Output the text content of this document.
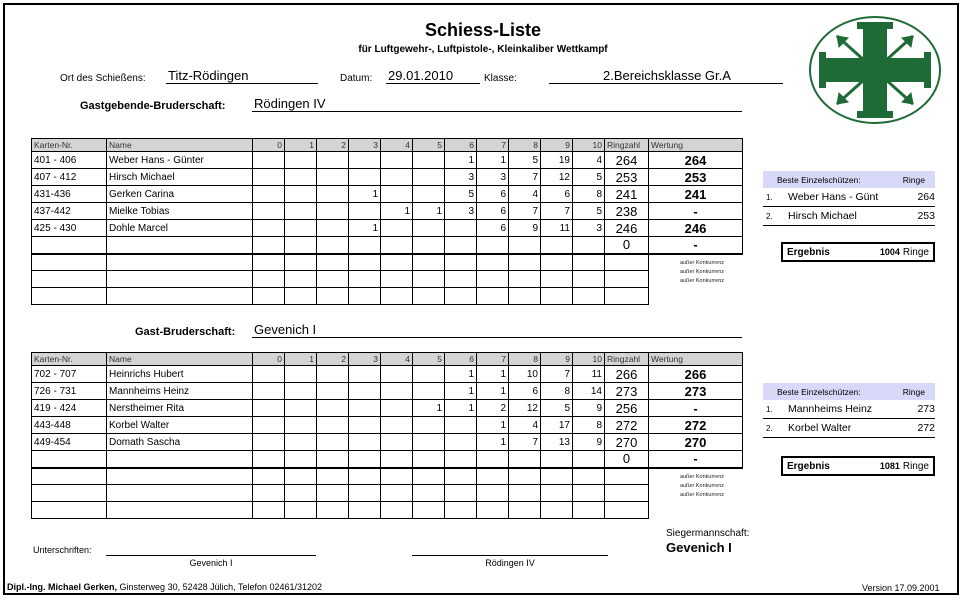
Schiess-Liste
für Luftgewehr-, Luftpistole-, Kleinkaliber Wettkampf
Ort des Schießens: Titz-Rödingen	Datum: 29.01.2010	Klasse:	2.Bereichsklasse Gr.A
Gastgebende-Bruderschaft: Rödingen IV
Karten-Nr.	Name	0	1	2	3	4	5	6	7	8	9	10	Ringzahl	Wertung
401 - 406	Weber Hans - Günter							1	1	5	19	4	264	264
407 - 412	Hirsch Michael							3	3	7	12	5	253	253
431-436	Gerken Carina				1			5	6	4	6	8	241	241
437-442	Mielke Tobias					1	1	3	6	7	7	5	238	-
425 - 430	Dohle Marcel				1				6	9	11	3	246	246
													0	-

außer Konkurrenz
außer Konkurrenz
außer Konkurrenz
Beste Einzelschützen:	Ringe
1.	Weber Hans - Günt	264
2.	Hirsch Michael	253
Ergebnis	1004 Ringe
Gast-Bruderschaft: Gevenich I
Karten-Nr.	Name	0	1	2	3	4	5	6	7	8	9	10	Ringzahl	Wertung
702 - 707	Heinrichs Hubert							1	1	10	7	11	266	266
726 - 731	Mannheims Heinz							1	1	6	8	14	273	273
419 - 424	Nerstheimer Rita						1	1	2	12	5	9	256	-
443-448	Korbel Walter								1	4	17	8	272	272
449-454	Domath Sascha								1	7	13	9	270	270
													0	-

außer Konkurrenz
außer Konkurrenz
außer Konkurrenz
Beste Einzelschützen:	Ringe
1.	Mannheims Heinz	273
2.	Korbel Walter	272
Ergebnis	1081 Ringe
Siegermannschaft:
Gevenich I
Unterschriften:
Gevenich I	Rödingen IV
Dipl.-Ing. Michael Gerken, Ginsterweg 30, 52428 Jülich, Telefon 02461/31202	Version 17.09.2001
